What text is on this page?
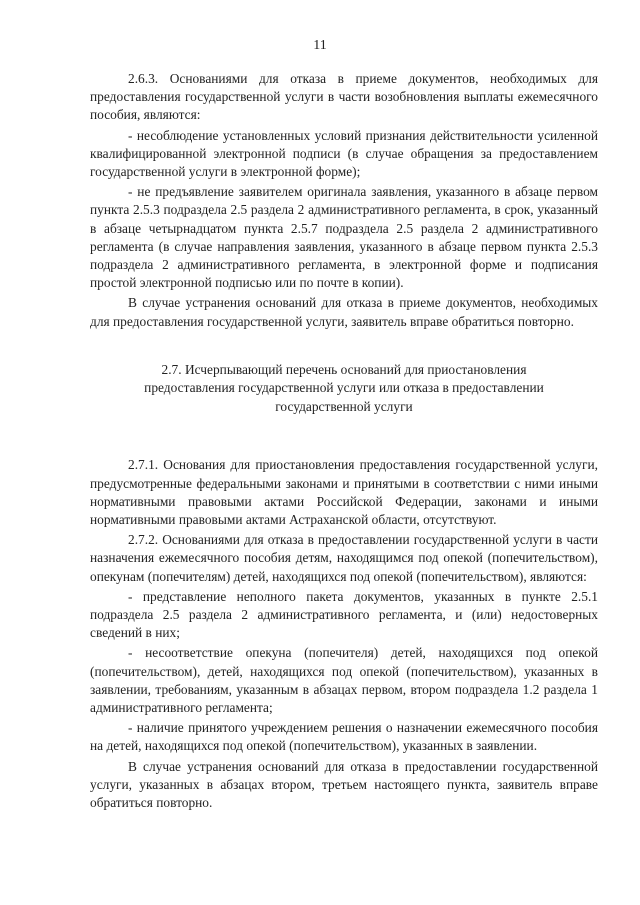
11

2.6.3. Основаниями для отказа в приеме документов, необходимых для предоставления государственной услуги в части возобновления выплаты ежемесячного пособия, являются:

- несоблюдение установленных условий признания действительности усиленной квалифицированной электронной подписи (в случае обращения за предоставлением государственной услуги в электронной форме);

- не предъявление заявителем оригинала заявления, указанного в абзаце первом пункта 2.5.3 подраздела 2.5 раздела 2 административного регламента, в срок, указанный в абзаце четырнадцатом пункта 2.5.7 подраздела 2.5 раздела 2 административного регламента (в случае направления заявления, указанного в абзаце первом пункта 2.5.3 подраздела 2 административного регламента, в электронной форме и подписания простой электронной подписью или по почте в копии).

В случае устранения оснований для отказа в приеме документов, необходимых для предоставления государственной услуги, заявитель вправе обратиться повторно.

2.7. Исчерпывающий перечень оснований для приостановления
предоставления государственной услуги или отказа в предоставлении
государственной услуги

2.7.1. Основания для приостановления предоставления государственной услуги, предусмотренные федеральными законами и принятыми в соответствии с ними иными нормативными правовыми актами Российской Федерации, законами и иными нормативными правовыми актами Астраханской области, отсутствуют.

2.7.2. Основаниями для отказа в предоставлении государственной услуги в части назначения ежемесячного пособия детям, находящимся под опекой (попечительством), опекунам (попечителям) детей, находящихся под опекой (попечительством), являются:

- представление неполного пакета документов, указанных в пункте 2.5.1 подраздела 2.5 раздела 2 административного регламента, и (или) недостоверных сведений в них;

- несоответствие опекуна (попечителя) детей, находящихся под опекой (попечительством), детей, находящихся под опекой (попечительством), указанных в заявлении, требованиям, указанным в абзацах первом, втором подраздела 1.2 раздела 1 административного регламента;

- наличие принятого учреждением решения о назначении ежемесячного пособия на детей, находящихся под опекой (попечительством), указанных в заявлении.

В случае устранения оснований для отказа в предоставлении государственной услуги, указанных в абзацах втором, третьем настоящего пункта, заявитель вправе обратиться повторно.
